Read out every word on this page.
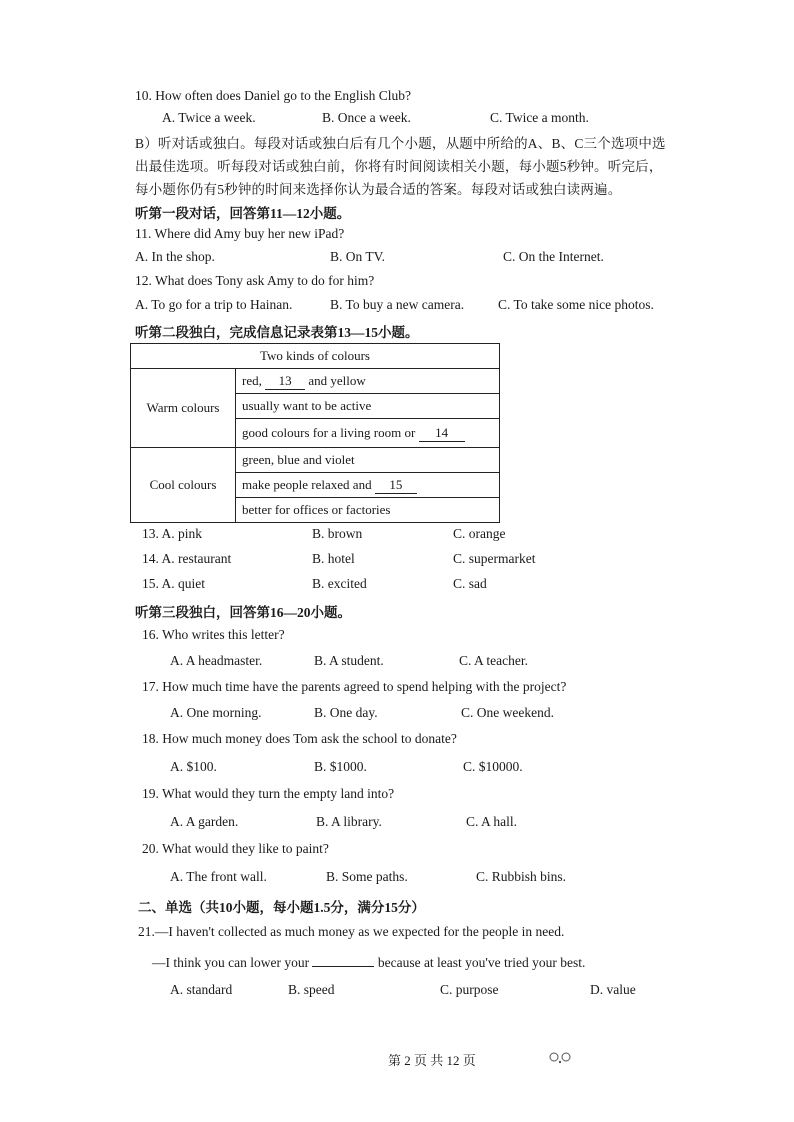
10. How often does Daniel go to the English Club?
A. Twice a week.	B. Once a week.	C. Twice a month.
B）听对话或独白。每段对话或独白后有几个小题，从题中所给的A、B、C三个选项中选
出最佳选项。听每段对话或独白前，你将有时间阅读相关小题，每小题5秒钟。听完后，
每小题你仍有5秒钟的时间来选择你认为最合适的答案。每段对话或独白读两遍。
听第一段对话，回答第11—12小题。
11. Where did Amy buy her new iPad?
A. In the shop.	B. On TV.	C. On the Internet.
12. What does Tony ask Amy to do for him?
A. To go for a trip to Hainan.	B. To buy a new camera.	C. To take some nice photos.
听第二段独白，完成信息记录表第13—15小题。
Two kinds of colours	
Warm colours	red, 13 and yellow
	usually want to be active
	good colours for a living room or 14
Cool colours	green, blue and violet
	make people relaxed and 15
	better for offices or factories
13. A. pink	B. brown	C. orange
14. A. restaurant	B. hotel	C. supermarket
15. A. quiet	B. excited	C. sad
听第三段独白，回答第16—20小题。
16. Who writes this letter?
A. A headmaster.	B. A student.	C. A teacher.
17. How much time have the parents agreed to spend helping with the project?
A. One morning.	B. One day.	C. One weekend.
18. How much money does Tom ask the school to donate?
A. $100.	B. $1000.	C. $10000.
19. What would they turn the empty land into?
A. A garden.	B. A library.	C. A hall.
20. What would they like to paint?
A. The front wall.	B. Some paths.	C. Rubbish bins.
二、单选（共10小题，每小题1.5分，满分15分）
21.—I haven't collected as much money as we expected for the people in need.
—I think you can lower your	because at least you've tried your best.
A. standard	B. speed	C. purpose	D. value
第 2 页 共 12 页
